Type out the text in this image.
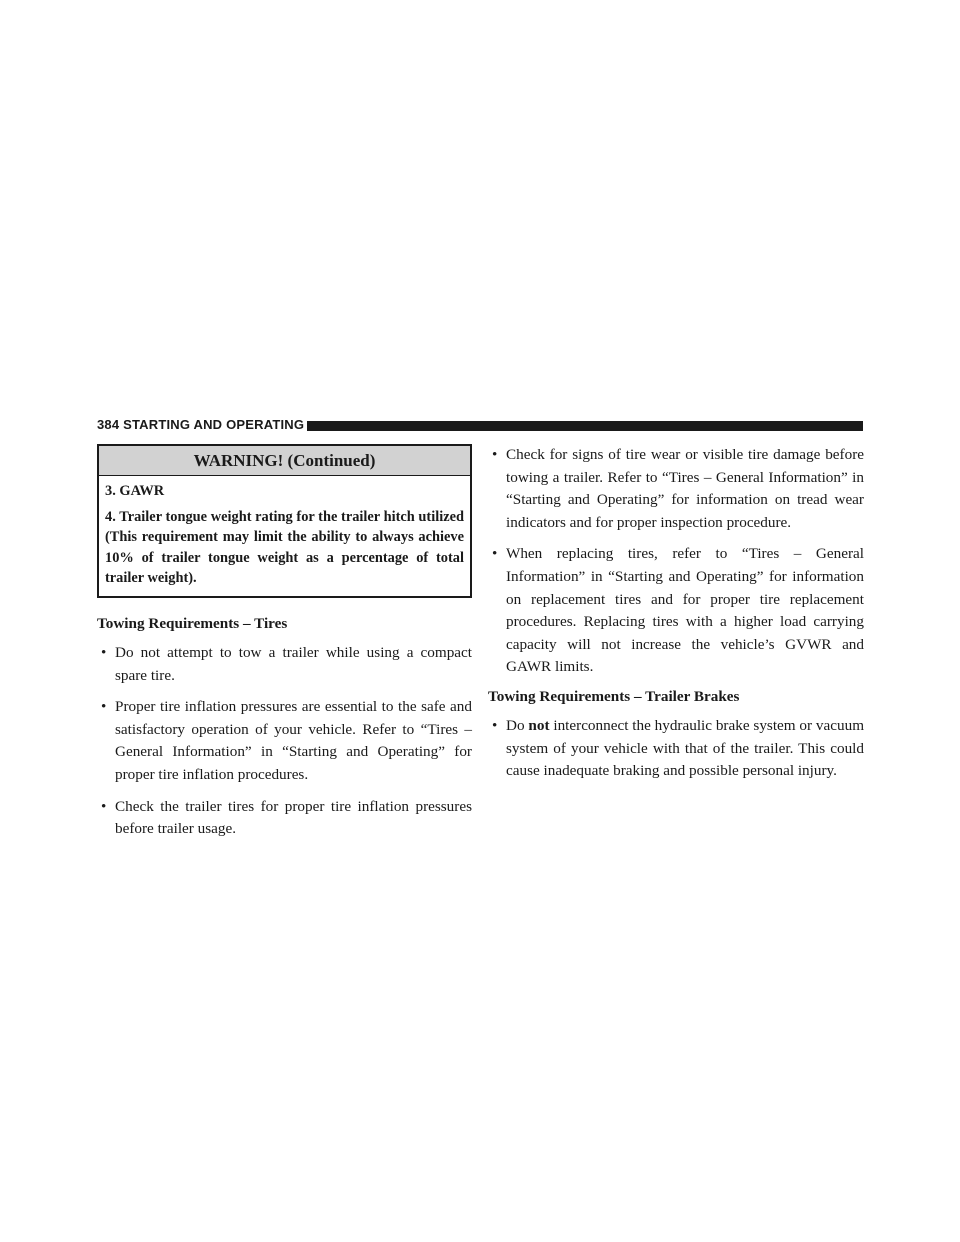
384 STARTING AND OPERATING
WARNING! (Continued)

3. GAWR

4. Trailer tongue weight rating for the trailer hitch utilized (This requirement may limit the ability to always achieve 10% of trailer tongue weight as a percentage of total trailer weight).

Towing Requirements – Tires
• Do not attempt to tow a trailer while using a compact spare tire.
• Proper tire inflation pressures are essential to the safe and satisfactory operation of your vehicle. Refer to “Tires – General Information” in “Starting and Operating” for proper tire inflation procedures.
• Check the trailer tires for proper tire inflation pressures before trailer usage.
• Check for signs of tire wear or visible tire damage before towing a trailer. Refer to “Tires – General Information” in “Starting and Operating” for information on tread wear indicators and for proper inspection procedure.
• When replacing tires, refer to “Tires – General Information” in “Starting and Operating” for information on replacement tires and for proper tire replacement procedures. Replacing tires with a higher load carrying capacity will not increase the vehicle’s GVWR and GAWR limits.
Towing Requirements – Trailer Brakes
• Do not interconnect the hydraulic brake system or vacuum system of your vehicle with that of the trailer. This could cause inadequate braking and possible personal injury.
